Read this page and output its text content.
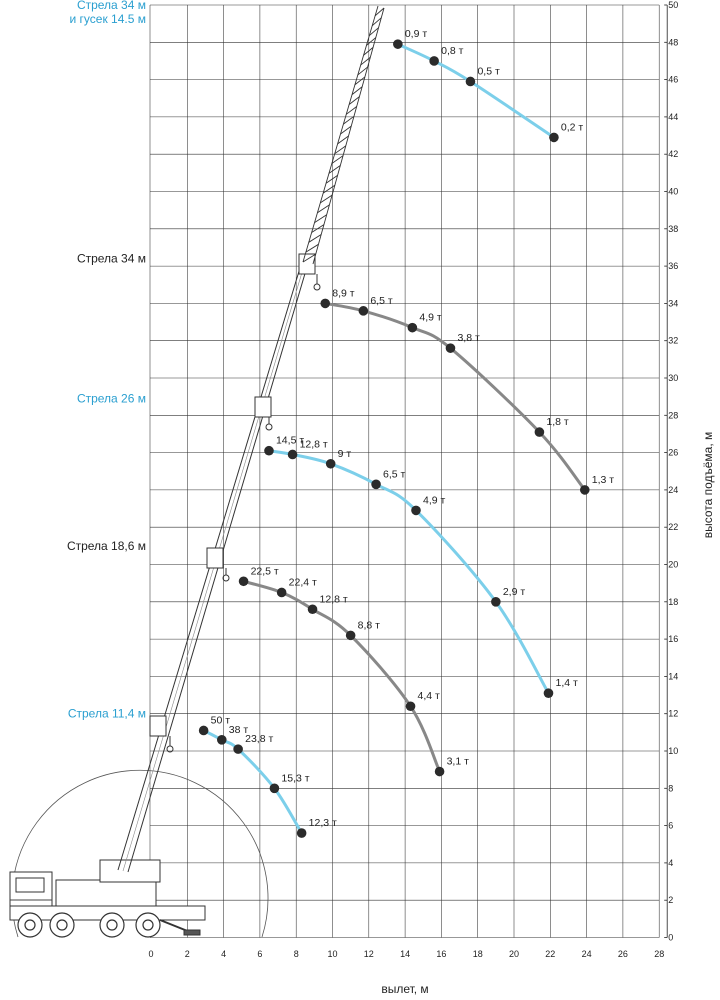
0,9 т
0,8 т
0,5 т
0,2 т
8,9 т
6,5 т
4,9 т
3,8 т
1,8 т
1,3 т
14,5 т
12,8 т
9 т
6,5 т
4,9 т
2,9 т
1,4 т
22,5 т
22,4 т
12,8 т
8,8 т
4,4 т
3,1 т
50 т
38 т
23,8 т
15,3 т
12,3 т
Стрела 34 м
и гусек 14.5 м
Стрела 34 м
Стрела 26 м
Стрела 18,6 м
Стрела 11,4 м
0
2
4
6
8
10
12
14
16
18
20
22
24
26
28
30
32
34
36
38
40
42
44
46
48
50
0	2	4	6	8	10	12	14	16	18	20	22	24	26	28
вылет, м
высота подъёма, м
